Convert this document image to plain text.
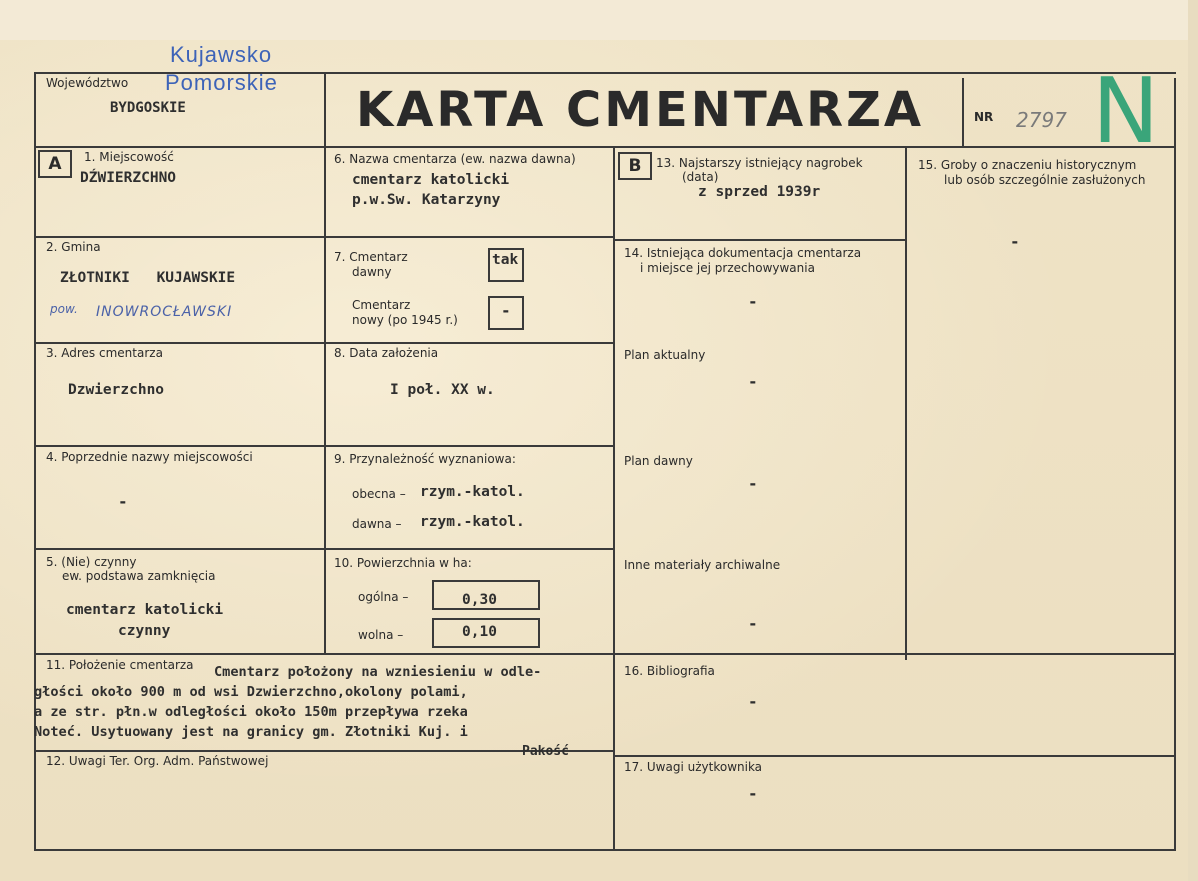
Województwo
BYDGOSKIE
Kujawsko
Pomorskie KARTA CMENTARZA	NR 2797 N
A	1. Miejscowość
DŹWIERZCHNO
2. Gmina
ZŁOTNIKI KUJAWSKIE
pow. INOWROCŁAWSKI
3. Adres cmentarza
Dzwierzchno
4. Poprzednie nazwy miejscowości
-
5. (Nie) czynny
ew. podstawa zamknięcia
cmentarz katolicki
czynny
6. Nazwa cmentarza (ew. nazwa dawna)
cmentarz katolicki
p.w.Sw. Katarzyny
7. Cmentarz
dawny
tak
Cmentarz
nowy (po 1945 r.)	-
8. Data założenia
I poł. XX w.
9. Przynależność wyznaniowa:
obecna – rzym.-katol.
dawna – rzym.-katol.
10. Powierzchnia w ha:
ogólna –	0,30
wolna –	0,10
11. Położenie cmentarza Cmentarz położony na wzniesieniu w odle-
głości około 900 m od wsi Dzwierzchno,okolony polami,
a ze str. płn.w odległości około 150m przepływa rzeka
Noteć. Usytuowany jest na granicy gm. Złotniki Kuj. i
Pakość
12. Uwagi Ter. Org. Adm. Państwowej
B	13. Najstarszy istniejący nagrobek
(data)
z sprzed 1939r
14. Istniejąca dokumentacja cmentarza
i miejsce jej przechowywania
-
Plan aktualny
-
Plan dawny
-
Inne materiały archiwalne
-
15. Groby o znaczeniu historycznym
lub osób szczególnie zasłużonych
-
16. Bibliografia
-
17. Uwagi użytkownika
-
